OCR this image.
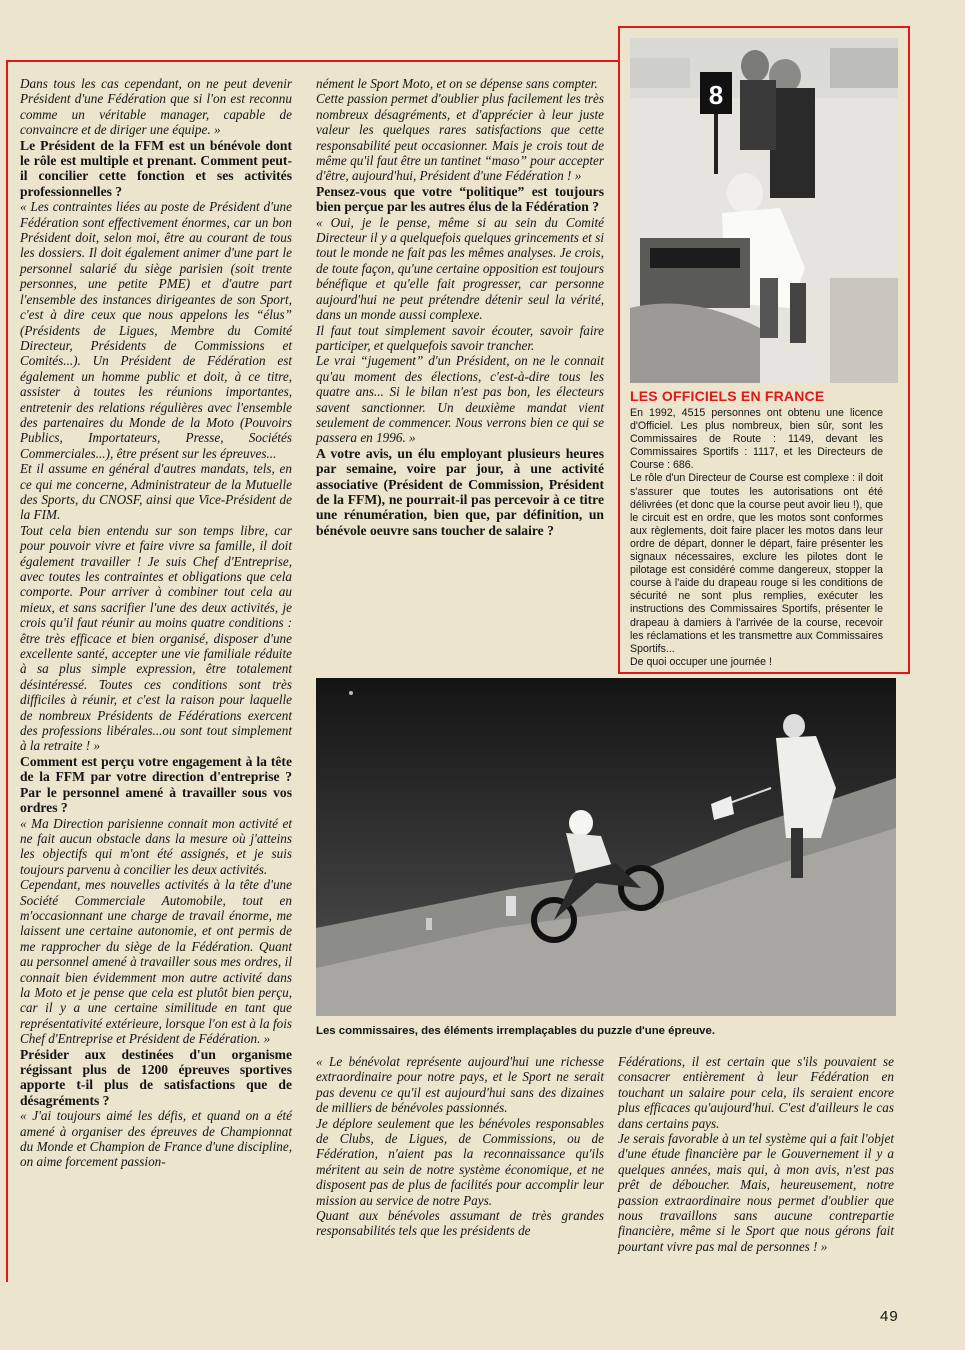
Dans tous les cas cependant, on ne peut devenir Président d'une Fédération que si l'on est reconnu comme un véritable manager, capable de convaincre et de diriger une équipe. »

Le Président de la FFM est un bénévole dont le rôle est multiple et prenant. Comment peut-il concilier cette fonction et ses activités professionnelles ?

« Les contraintes liées au poste de Président d'une Fédération sont effectivement énormes, car un bon Président doit, selon moi, être au courant de tous les dossiers. Il doit également animer d'une part le personnel salarié du siège parisien (soit trente personnes, une petite PME) et d'autre part l'ensemble des instances dirigeantes de son Sport, c'est à dire ceux que nous appelons les “élus” (Présidents de Ligues, Membre du Comité Directeur, Présidents de Commissions et Comités...). Un Président de Fédération est également un homme public et doit, à ce titre, assister à toutes les réunions importantes, entretenir des relations régulières avec l'ensemble des partenaires du Monde de la Moto (Pouvoirs Publics, Importateurs, Presse, Sociétés Commerciales...), être présent sur les épreuves...

Et il assume en général d'autres mandats, tels, en ce qui me concerne, Administrateur de la Mutuelle des Sports, du CNOSF, ainsi que Vice-Président de la FIM.

Tout cela bien entendu sur son temps libre, car pour pouvoir vivre et faire vivre sa famille, il doit également travailler ! Je suis Chef d'Entreprise, avec toutes les contraintes et obligations que cela comporte. Pour arriver à combiner tout cela au mieux, et sans sacrifier l'une des deux activités, je crois qu'il faut réunir au moins quatre conditions : être très efficace et bien organisé, disposer d'une excellente santé, accepter une vie familiale réduite à sa plus simple expression, être totalement désintéressé. Toutes ces conditions sont très difficiles à réunir, et c'est la raison pour laquelle de nombreux Présidents de Fédérations exercent des professions libérales...ou sont tout simplement à la retraite ! »

Comment est perçu votre engagement à la tête de la FFM par votre direction d'entreprise ? Par le personnel amené à travailler sous vos ordres ?

« Ma Direction parisienne connait mon activité et ne fait aucun obstacle dans la mesure où j'atteins les objectifs qui m'ont été assignés, et je suis toujours parvenu à concilier les deux activités.

Cependant, mes nouvelles activités à la tête d'une Société Commerciale Automobile, tout en m'occasionnant une charge de travail énorme, me laissent une certaine autonomie, et ont permis de me rapprocher du siège de la Fédération. Quant au personnel amené à travailler sous mes ordres, il connait bien évidemment mon autre activité dans la Moto et je pense que cela est plutôt bien perçu, car il y a une certaine similitude en tant que représentativité extérieure, lorsque l'on est à la fois Chef d'Entreprise et Président de Fédération. »

Présider aux destinées d'un organisme régissant plus de 1200 épreuves sportives apporte t-il plus de satisfactions que de désagréments ?

« J'ai toujours aimé les défis, et quand on a été amené à organiser des épreuves de Championnat du Monde et Champion de France d'une discipline, on aime forcement passion-

nément le Sport Moto, et on se dépense sans compter.

Cette passion permet d'oublier plus facilement les très nombreux désagréments, et d'apprécier à leur juste valeur les quelques rares satisfactions que cette responsabilité peut occasionner. Mais je crois tout de même qu'il faut être un tantinet “maso” pour accepter d'être, aujourd'hui, Président d'une Fédération ! »

Pensez-vous que votre “politique” est toujours bien perçue par les autres élus de la Fédération ?

« Oui, je le pense, même si au sein du Comité Directeur il y a quelquefois quelques grincements et si tout le monde ne fait pas les mêmes analyses. Je crois, de toute façon, qu'une certaine opposition est toujours bénéfique et qu'elle fait progresser, car personne aujourd'hui ne peut prétendre détenir seul la vérité, dans un monde aussi complexe.

Il faut tout simplement savoir écouter, savoir faire participer, et quelquefois savoir trancher.

Le vrai “jugement” d'un Président, on ne le connait qu'au moment des élections, c'est-à-dire tous les quatre ans... Si le bilan n'est pas bon, les électeurs savent sanctionner. Un deuxième mandat vient seulement de commencer. Nous verrons bien ce qui se passera en 1996. »

A votre avis, un élu employant plusieurs heures par semaine, voire par jour, à une activité associative (Président de Commission, Président de la FFM), ne pourrait-il pas percevoir à ce titre une rénumération, bien que, par définition, un bénévole oeuvre sans toucher de salaire ?

8
LES OFFICIELS EN FRANCE

En 1992, 4515 personnes ont obtenu une licence d'Officiel. Les plus nombreux, bien sûr, sont les Commissaires de Route : 1149, devant les Commissaires Sportifs : 1117, et les Directeurs de Course : 686.

Le rôle d'un Directeur de Course est complexe : il doit s'assurer que toutes les autorisations ont été délivrées (et donc que la course peut avoir lieu !), que le circuit est en ordre, que les motos sont conformes aux règlements, doit faire placer les motos dans leur ordre de départ, donner le départ, faire présenter les signaux nécessaires, exclure les pilotes dont le pilotage est considéré comme dangereux, stopper la course à l'aide du drapeau rouge si les conditions de sécurité ne sont plus remplies, exécuter les instructions des Commissaires Sportifs, présenter le drapeau à damiers à l'arrivée de la course, recevoir les réclamations et les transmettre aux Commissaires Sportifs...

De quoi occuper une journée !

Les commissaires, des éléments irremplaçables du puzzle d'une épreuve.

« Le bénévolat représente aujourd'hui une richesse extraordinaire pour notre pays, et le Sport ne serait pas devenu ce qu'il est aujourd'hui sans des dizaines de milliers de bénévoles passionnés.

Je déplore seulement que les bénévoles responsables de Clubs, de Ligues, de Commissions, ou de Fédération, n'aient pas la reconnaissance qu'ils méritent au sein de notre système économique, et ne disposent pas de plus de facilités pour accomplir leur mission au service de notre Pays.

Quant aux bénévoles assumant de très grandes responsabilités tels que les présidents de

Fédérations, il est certain que s'ils pouvaient se consacrer entièrement à leur Fédération en touchant un salaire pour cela, ils seraient encore plus efficaces qu'aujourd'hui. C'est d'ailleurs le cas dans certains pays.

Je serais favorable à un tel système qui a fait l'objet d'une étude financière par le Gouvernement il y a quelques années, mais qui, à mon avis, n'est pas prêt de déboucher. Mais, heureusement, notre passion extraordinaire nous permet d'oublier que nous travaillons sans aucune contrepartie financière, même si le Sport que nous gérons fait pourtant vivre pas mal de personnes ! »

49
